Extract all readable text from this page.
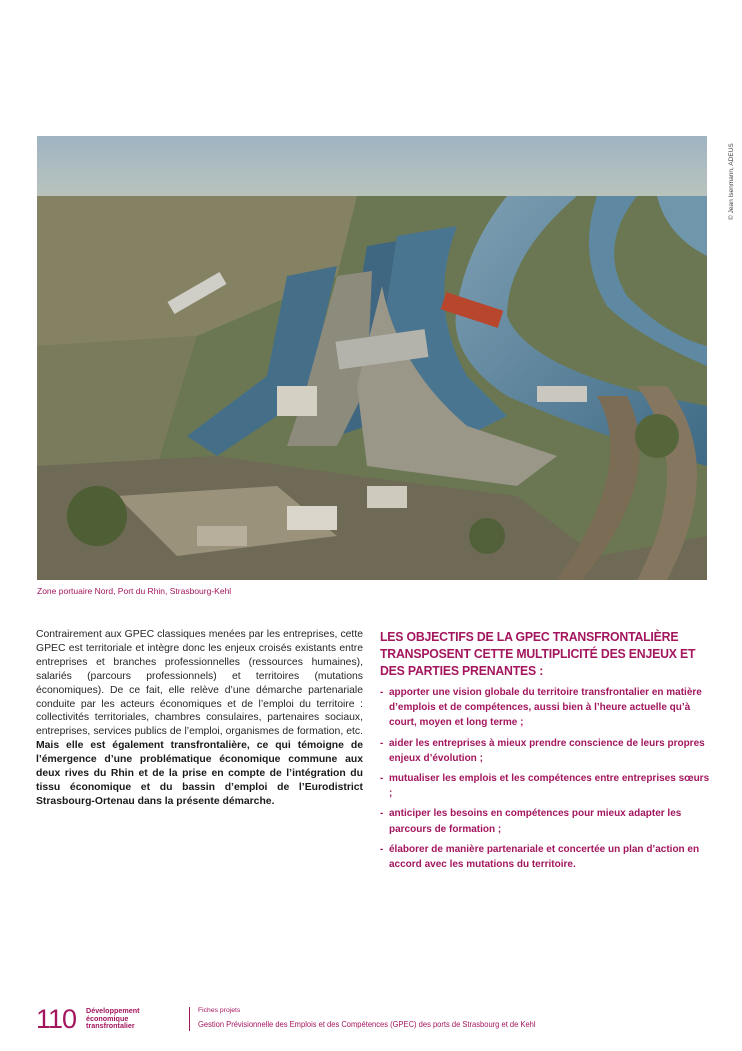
© Jean Isenmann, ADEUS
Zone portuaire Nord, Port du Rhin, Strasbourg-Kehl
Contrairement aux GPEC classiques menées par les entreprises, cette GPEC est territoriale et intègre donc les enjeux croisés existants entre entreprises et branches professionnelles (ressources humaines), salariés (parcours professionnels) et territoires (mutations économiques). De ce fait, elle relève d’une démarche partenariale conduite par les acteurs économiques et de l’emploi du territoire : collectivités territoriales, chambres consulaires, partenaires sociaux, entreprises, services publics de l’emploi, organismes de formation, etc. Mais elle est également transfrontalière, ce qui témoigne de l’émergence d’une problématique économique commune aux deux rives du Rhin et de la prise en compte de l’intégration du tissu économique et du bassin d’emploi de l’Eurodistrict Strasbourg-Ortenau dans la présente démarche.
LES OBJECTIFS DE LA GPEC TRANSFRONTALIÈRE TRANSPOSENT CETTE MULTIPLICITÉ DES ENJEUX ET DES PARTIES PRENANTES :
- apporter une vision globale du territoire transfrontalier en matière d’emplois et de compétences, aussi bien à l’heure actuelle qu’à court, moyen et long terme ;
- aider les entreprises à mieux prendre conscience de leurs propres enjeux d’évolution ;
- mutualiser les emplois et les compétences entre entreprises sœurs ;
- anticiper les besoins en compétences pour mieux adapter les parcours de formation ;
- élaborer de manière partenariale et concertée un plan d’action en accord avec les mutations du territoire.
110 Développement
économique
transfrontalier
Fiches projets
Gestion Prévisionnelle des Emplois et des Compétences (GPEC) des ports de Strasbourg et de Kehl
